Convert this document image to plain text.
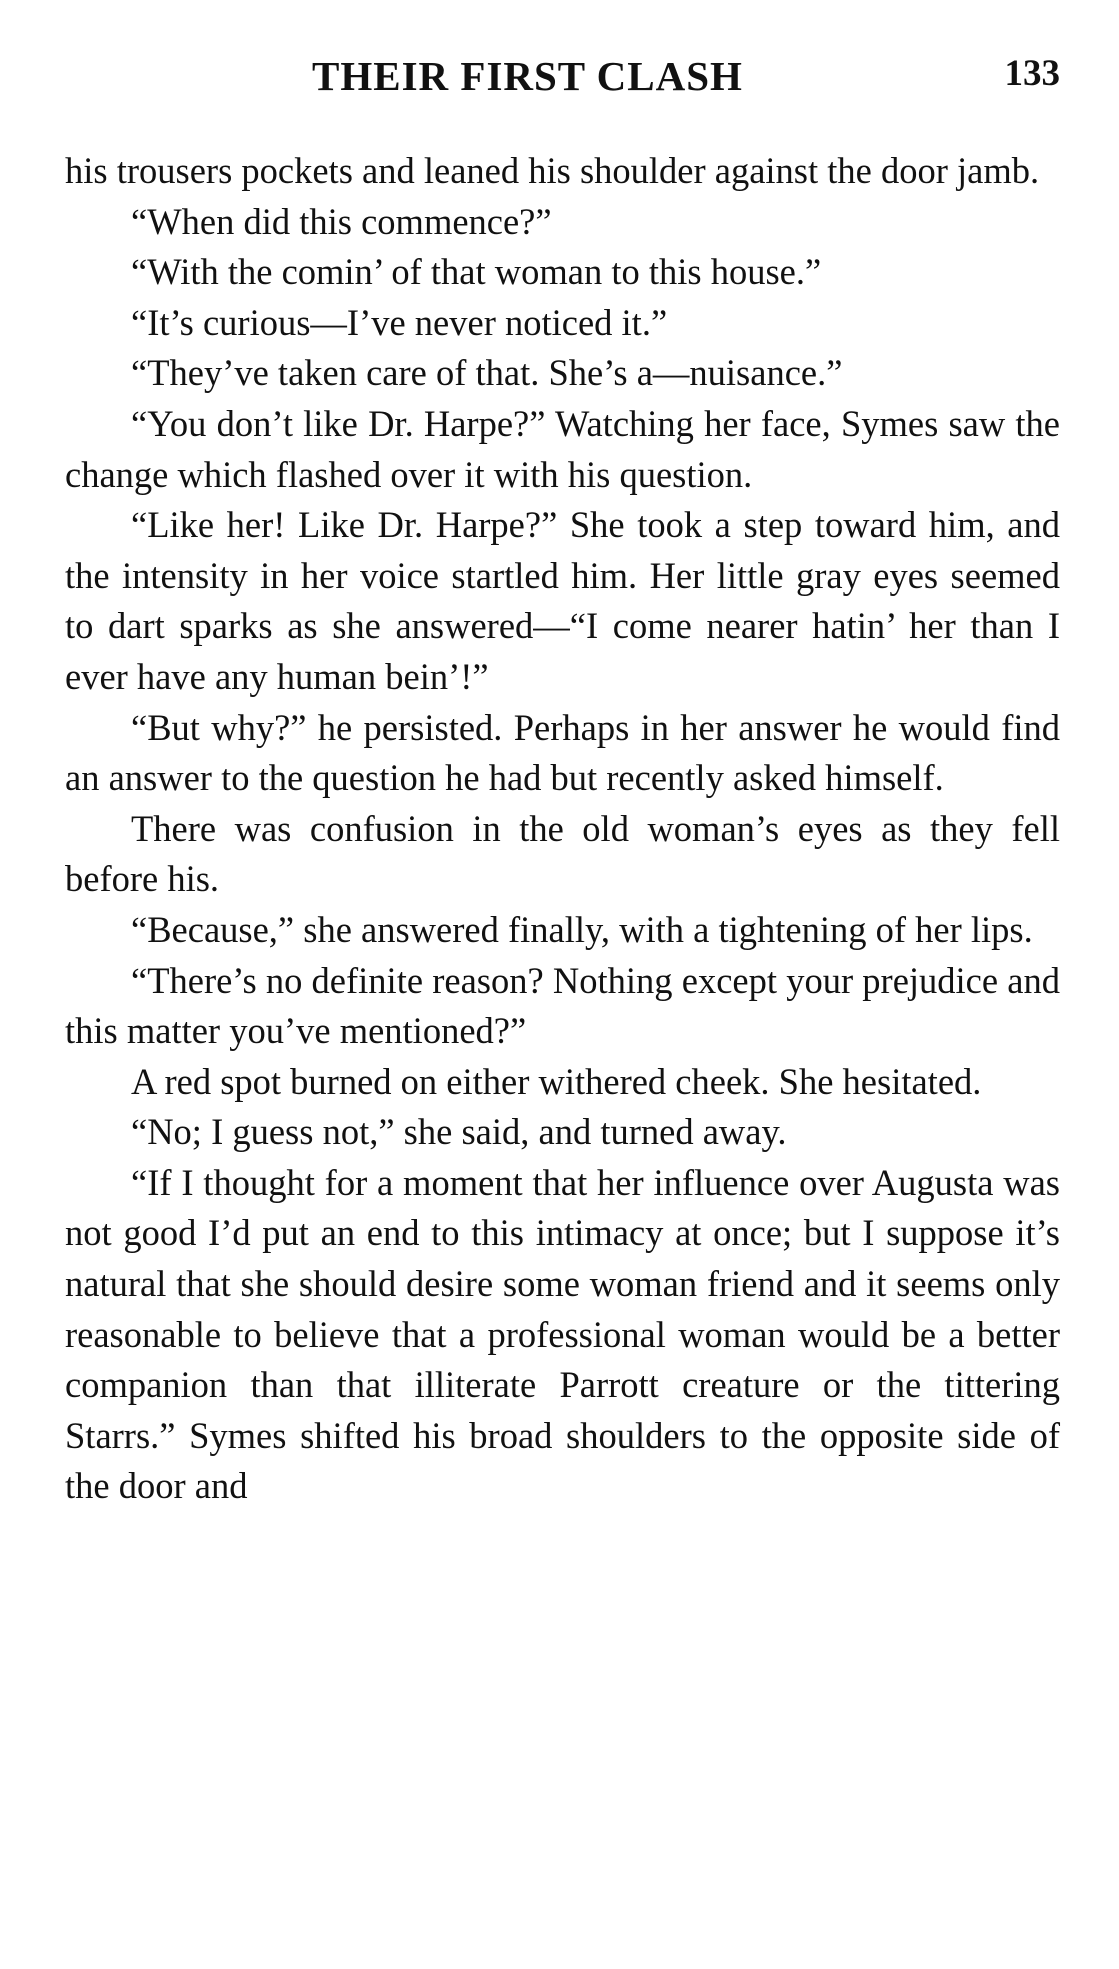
THEIR FIRST CLASH	133

his trousers pockets and leaned his shoulder against the door jamb.

“When did this commence?”

“With the comin’ of that woman to this house.”

“It’s curious—I’ve never noticed it.”

“They’ve taken care of that. She’s a—nuisance.”

“You don’t like Dr. Harpe?” Watching her face, Symes saw the change which flashed over it with his question.

“Like her! Like Dr. Harpe?” She took a step toward him, and the intensity in her voice startled him. Her little gray eyes seemed to dart sparks as she answered—“I come nearer hatin’ her than I ever have any human bein’!”

“But why?” he persisted. Perhaps in her answer he would find an answer to the question he had but recently asked himself.

There was confusion in the old woman’s eyes as they fell before his.

“Because,” she answered finally, with a tightening of her lips.

“There’s no definite reason? Nothing except your prejudice and this matter you’ve mentioned?”

A red spot burned on either withered cheek. She hesitated.

“No; I guess not,” she said, and turned away.

“If I thought for a moment that her influence over Augusta was not good I’d put an end to this intimacy at once; but I suppose it’s natural that she should desire some woman friend and it seems only reasonable to believe that a professional woman would be a better companion than that illiterate Parrott creature or the tittering Starrs.” Symes shifted his broad shoulders to the opposite side of the door and
